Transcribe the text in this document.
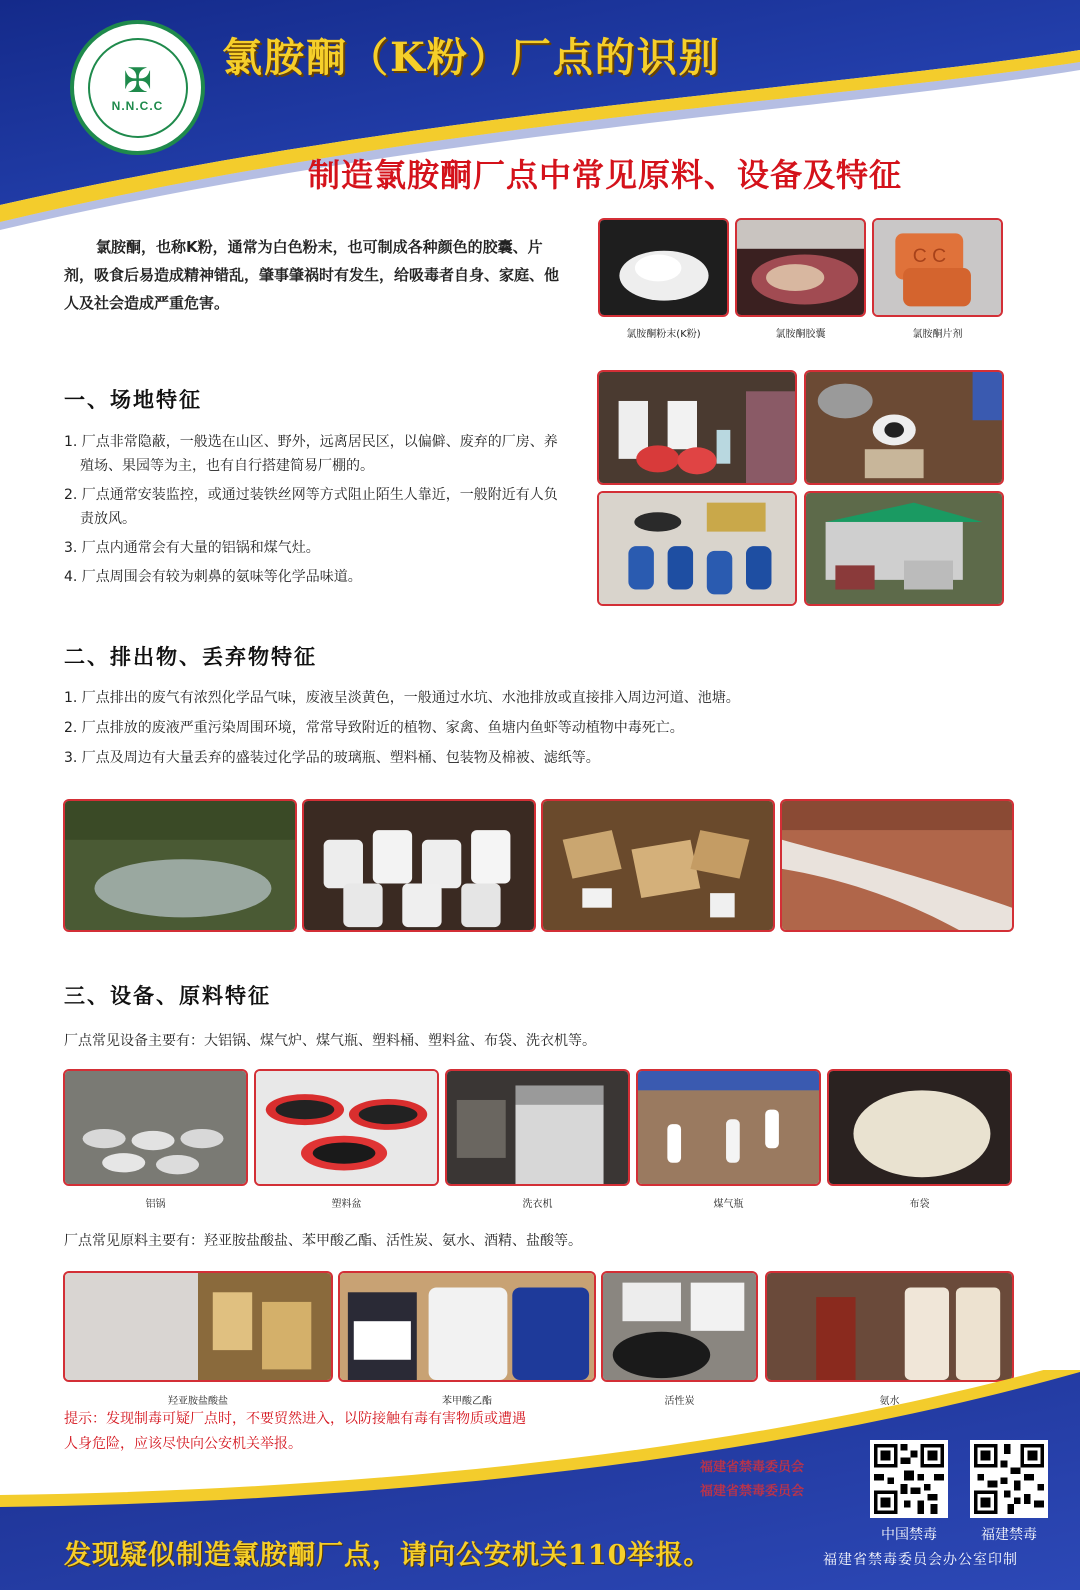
✠
N.N.C.C
氯胺酮（K粉）厂点的识别
制造氯胺酮厂点中常见原料、设备及特征

氯胺酮，也称K粉，通常为白色粉末，也可制成各种颜色的胶囊、片剂，吸食后易造成精神错乱，肇事肇祸时有发生，给吸毒者自身、家庭、他人及社会造成严重危害。

C C
氯胺酮粉末(K粉)	氯胺酮胶囊	氯胺酮片剂
一、场地特征

1. 厂点非常隐蔽，一般选在山区、野外，远离居民区，以偏僻、废弃的厂房、养殖场、果园等为主，也有自行搭建简易厂棚的。

2. 厂点通常安装监控，或通过装铁丝网等方式阻止陌生人靠近，一般附近有人负责放风。

3. 厂点内通常会有大量的铝锅和煤气灶。

4. 厂点周围会有较为刺鼻的氨味等化学品味道。

二、排出物、丢弃物特征

1. 厂点排出的废气有浓烈化学品气味，废液呈淡黄色，一般通过水坑、水池排放或直接排入周边河道、池塘。

2. 厂点排放的废液严重污染周围环境，常常导致附近的植物、家禽、鱼塘内鱼虾等动植物中毒死亡。

3. 厂点及周边有大量丢弃的盛装过化学品的玻璃瓶、塑料桶、包装物及棉被、滤纸等。

三、设备、原料特征

厂点常见设备主要有：大铝锅、煤气炉、煤气瓶、塑料桶、塑料盆、布袋、洗衣机等。

铝锅	塑料盆	洗衣机	煤气瓶	布袋

厂点常见原料主要有：羟亚胺盐酸盐、苯甲酸乙酯、活性炭、氨水、酒精、盐酸等。

羟亚胺盐酸盐	苯甲酸乙酯	活性炭	氨水

提示：发现制毒可疑厂点时，不要贸然进入，以防接触有毒有害物质或遭遇人身危险，应该尽快向公安机关举报。

福建省禁毒委员会
福建省禁毒委员会
中国禁毒	福建禁毒
发现疑似制造氯胺酮厂点，请向公安机关110举报。	福建省禁毒委员会办公室印制
